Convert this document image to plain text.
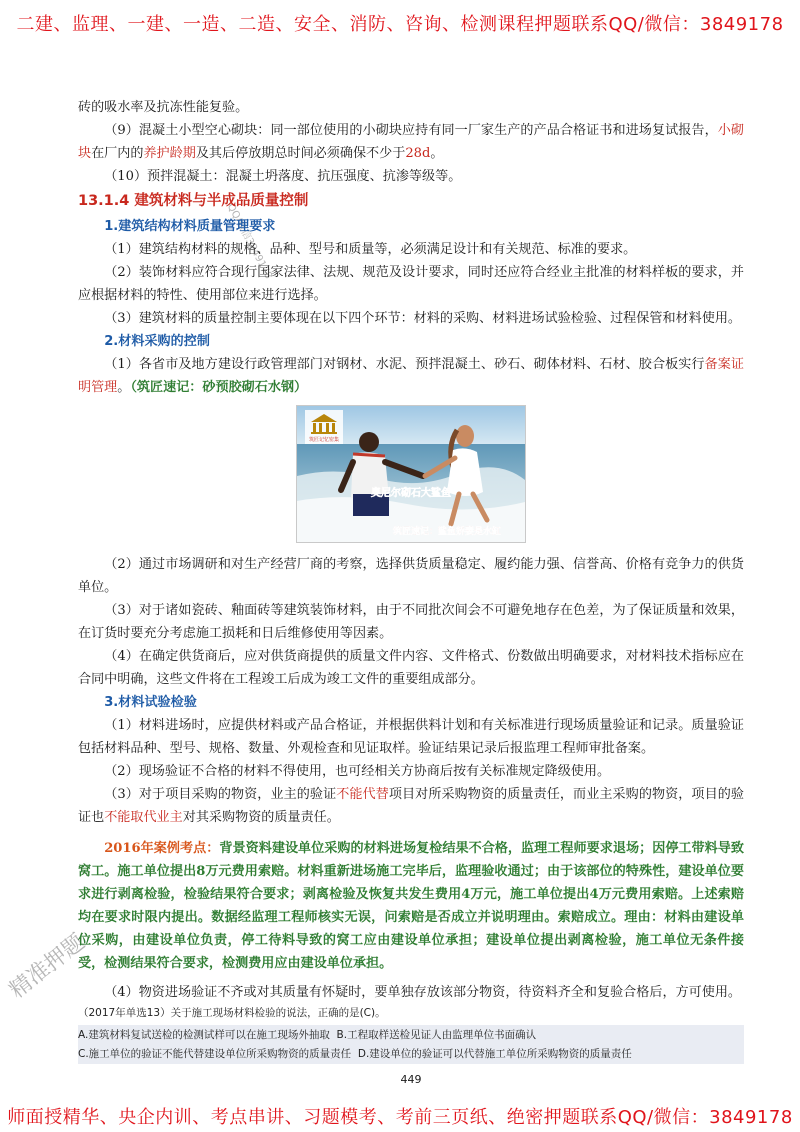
二建、监理、一建、一造、二造、安全、消防、咨询、检测课程押题联系QQ/微信：3849178
精准押题
QQ/微信3849178

砖的吸水率及抗冻性能复验。

（9）混凝土小型空心砌块：同一部位使用的小砌块应持有同一厂家生产的产品合格证书和进场复试报告，小砌块在厂内的养护龄期及其后停放期总时间必须确保不少于28d。

（10）预拌混凝土：混凝土坍落度、抗压强度、抗渗等级等。

13.1.4 建筑材料与半成品质量控制
1.建筑结构材料质量管理要求

（1）建筑结构材料的规格、品种、型号和质量等，必须满足设计和有关规范、标准的要求。

（2）装饰材料应符合现行国家法律、法规、规范及设计要求，同时还应符合经业主批准的材料样板的要求，并应根据材料的特性、使用部位来进行选择。

（3）建筑材料的质量控制主要体现在以下四个环节：材料的采购、材料进场试验检验、过程保管和材料使用。

2.材料采购的控制

（1）各省市及地方建设行政管理部门对钢材、水泥、预拌混凝土、砂石、砌体材料、石材、胶合板实行备案证明管理。（筑匠速记：砂预胶砌石水钢）

筑匠记忆密集
奥尼尔砌石大鲨鱼
筑匠速记：鲨鱼娇妻是水缸

（2）通过市场调研和对生产经营厂商的考察，选择供货质量稳定、履约能力强、信誉高、价格有竞争力的供货单位。

（3）对于诸如瓷砖、釉面砖等建筑装饰材料，由于不同批次间会不可避免地存在色差，为了保证质量和效果，在订货时要充分考虑施工损耗和日后维修使用等因素。

（4）在确定供货商后，应对供货商提供的质量文件内容、文件格式、份数做出明确要求，对材料技术指标应在合同中明确，这些文件将在工程竣工后成为竣工文件的重要组成部分。

3.材料试验检验

（1）材料进场时，应提供材料或产品合格证，并根据供料计划和有关标准进行现场质量验证和记录。质量验证包括材料品种、型号、规格、数量、外观检查和见证取样。验证结果记录后报监理工程师审批备案。

（2）现场验证不合格的材料不得使用，也可经相关方协商后按有关标准规定降级使用。

（3）对于项目采购的物资，业主的验证不能代替项目对所采购物资的质量责任，而业主采购的物资，项目的验证也不能取代业主对其采购物资的质量责任。

2016年案例考点：背景资料建设单位采购的材料进场复检结果不合格，监理工程师要求退场；因停工带料导致窝工。施工单位提出8万元费用索赔。材料重新进场施工完毕后，监理验收通过；由于该部位的特殊性，建设单位要求进行剥离检验，检验结果符合要求；剥离检验及恢复共发生费用4万元，施工单位提出4万元费用索赔。上述索赔均在要求时限内提出。数据经监理工程师核实无误，问索赔是否成立并说明理由。索赔成立。理由：材料由建设单位采购，由建设单位负责，停工待料导致的窝工应由建设单位承担；建设单位提出剥离检验，施工单位无条件接受，检测结果符合要求，检测费用应由建设单位承担。

（4）物资进场验证不齐或对其质量有怀疑时，要单独存放该部分物资，待资料齐全和复验合格后，方可使用。

（2017年单选13）关于施工现场材料检验的说法，正确的是(C)。
A.建筑材料复试送检的检测试样可以在施工现场外抽取 B.工程取样送检见证人由监理单位书面确认
C.施工单位的验证不能代替建设单位所采购物资的质量责任 D.建设单位的验证可以代替施工单位所采购物资的质量责任
449
师面授精华、央企内训、考点串讲、习题模考、考前三页纸、绝密押题联系QQ/微信：3849178
